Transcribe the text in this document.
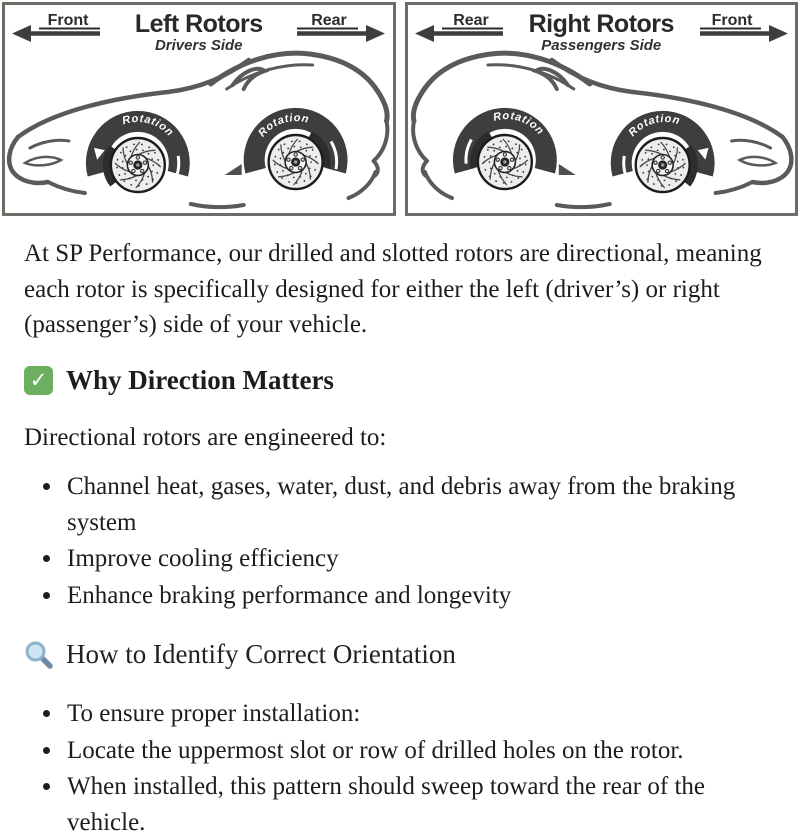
Front Left Rotors
Drivers Side
Rear
Rotation	Rotation
Rear Right Rotors
Passengers Side
Front
Rotation	Rotation

At SP Performance, our drilled and slotted rotors are directional, meaning each rotor is specifically designed for either the left (driver’s) or right (passenger’s) side of your vehicle.

✓
Why Direction Matters

Directional rotors are engineered to:

• Channel heat, gases, water, dust, and debris away from the braking system
• Improve cooling efficiency
• Enhance braking performance and longevity
How to Identify Correct Orientation
• To ensure proper installation:
• Locate the uppermost slot or row of drilled holes on the rotor.
• When installed, this pattern should sweep toward the rear of the vehicle.
